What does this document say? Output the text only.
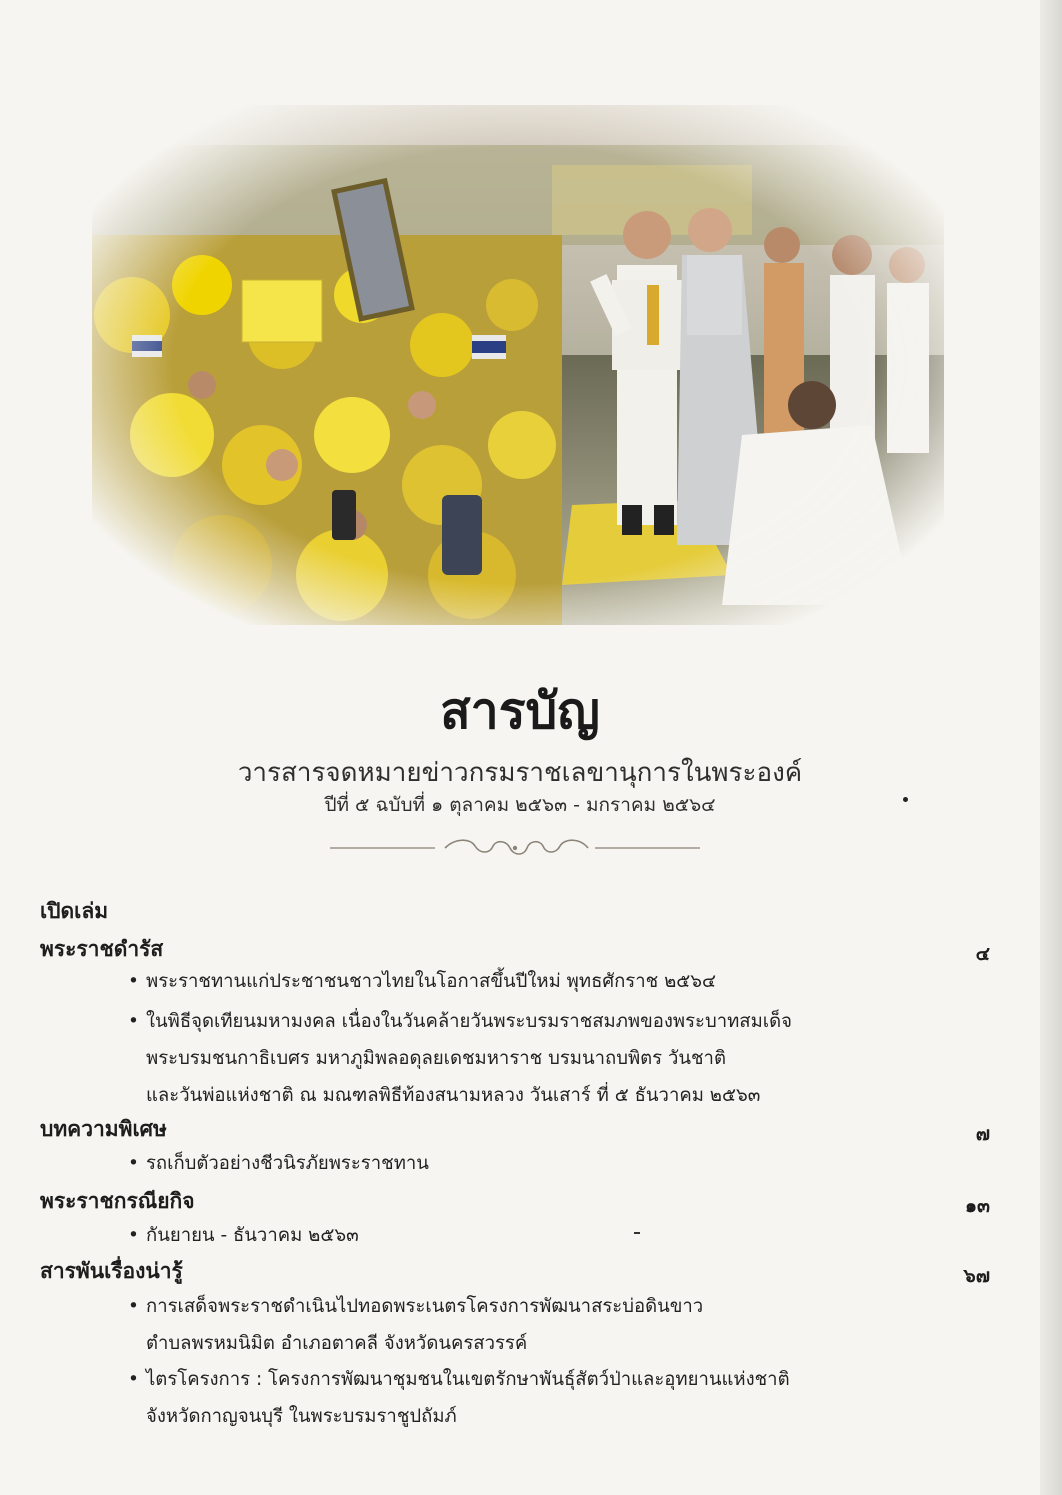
สารบัญ
วารสารจดหมายข่าวกรมราชเลขานุการในพระองค์
ปีที่ ๕ ฉบับที่ ๑ ตุลาคม ๒๕๖๓ - มกราคม ๒๕๖๔
เปิดเล่ม
พระราชดำรัส	๔
• พระราชทานแก่ประชาชนชาวไทยในโอกาสขึ้นปีใหม่ พุทธศักราช ๒๕๖๔
• ในพิธีจุดเทียนมหามงคล เนื่องในวันคล้ายวันพระบรมราชสมภพของพระบาทสมเด็จ
พระบรมชนกาธิเบศร มหาภูมิพลอดุลยเดชมหาราช บรมนาถบพิตร วันชาติ
และวันพ่อแห่งชาติ ณ มณฑลพิธีท้องสนามหลวง วันเสาร์ ที่ ๕ ธันวาคม ๒๕๖๓
บทความพิเศษ	๗
• รถเก็บตัวอย่างชีวนิรภัยพระราชทาน
พระราชกรณียกิจ	๑๓
• กันยายน - ธันวาคม ๒๕๖๓
สารพันเรื่องน่ารู้	๖๗
• การเสด็จพระราชดำเนินไปทอดพระเนตรโครงการพัฒนาสระบ่อดินขาว
ตำบลพรหมนิมิต อำเภอตาคลี จังหวัดนครสวรรค์
• ไตรโครงการ : โครงการพัฒนาชุมชนในเขตรักษาพันธุ์สัตว์ป่าและอุทยานแห่งชาติ
จังหวัดกาญจนบุรี ในพระบรมราชูปถัมภ์
